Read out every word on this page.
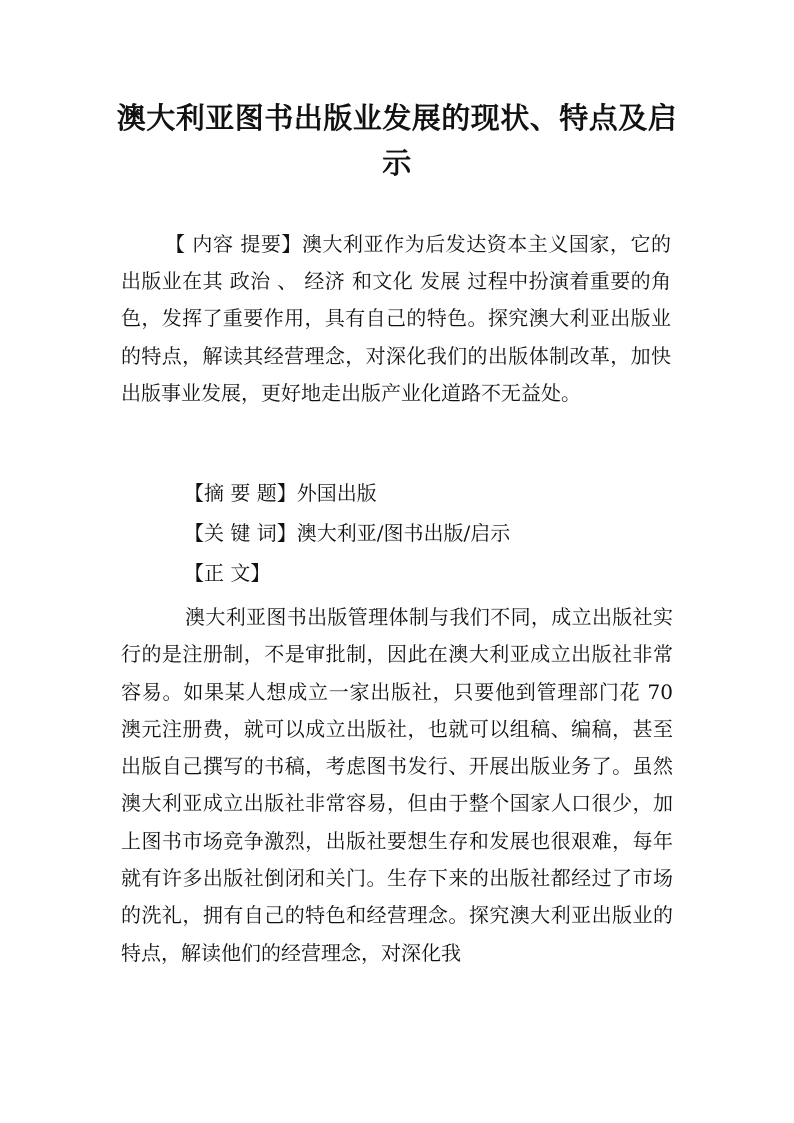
澳大利亚图书出版业发展的现状、特点及启示

【 内容 提要】澳大利亚作为后发达资本主义国家，它的出版业在其 政治 、 经济 和文化 发展 过程中扮演着重要的角色，发挥了重要作用，具有自己的特色。探究澳大利亚出版业的特点，解读其经营理念，对深化我们的出版体制改革，加快出版事业发展，更好地走出版产业化道路不无益处。

【摘 要 题】外国出版

【关 键 词】澳大利亚/图书出版/启示

【正 文】

澳大利亚图书出版管理体制与我们不同，成立出版社实行的是注册制，不是审批制，因此在澳大利亚成立出版社非常容易。如果某人想成立一家出版社，只要他到管理部门花 70 澳元注册费，就可以成立出版社，也就可以组稿、编稿，甚至出版自己撰写的书稿，考虑图书发行、开展出版业务了。虽然澳大利亚成立出版社非常容易，但由于整个国家人口很少，加上图书市场竞争激烈，出版社要想生存和发展也很艰难，每年就有许多出版社倒闭和关门。生存下来的出版社都经过了市场的洗礼，拥有自己的特色和经营理念。探究澳大利亚出版业的特点，解读他们的经营理念，对深化我
